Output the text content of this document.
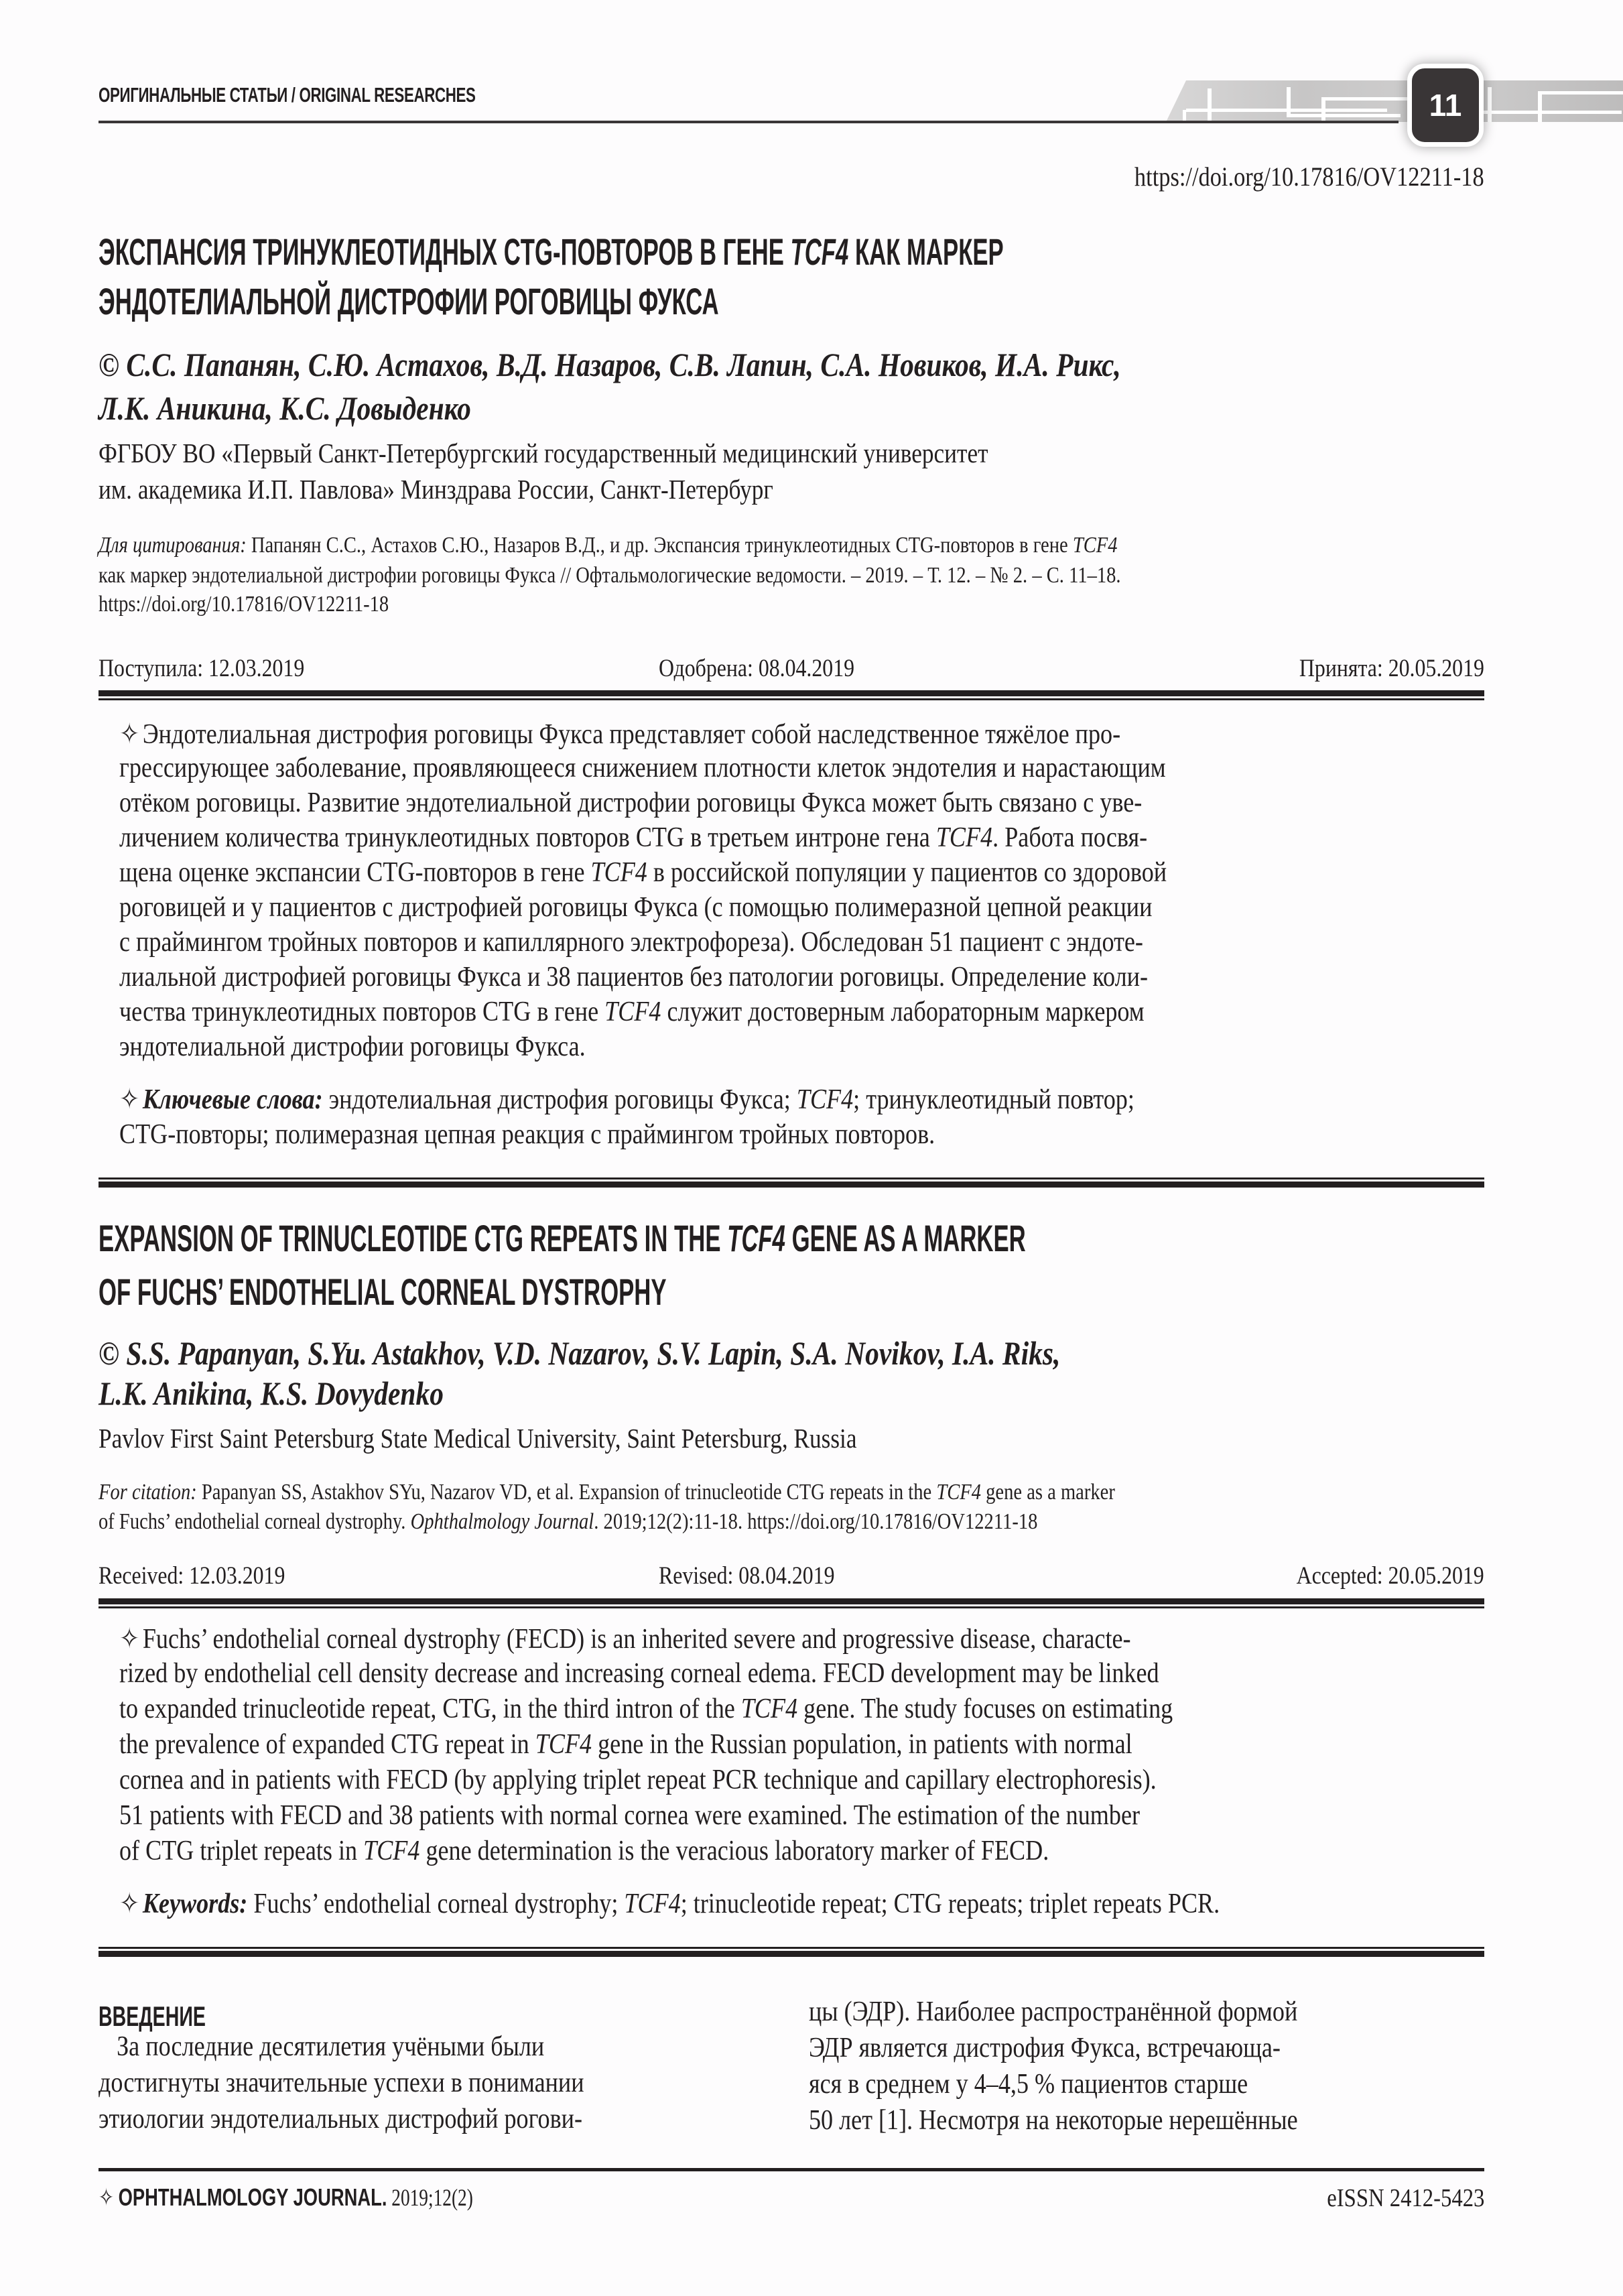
ОРИГИНАЛЬНЫЕ СТАТЬИ / ORIGINAL RESEARCHES	11
https://doi.org/10.17816/OV12211-18
ЭКСПАНСИЯ ТРИНУКЛЕОТИДНЫХ CTG-ПОВТОРОВ В ГЕНЕ TCF4 КАК МАРКЕР
ЭНДОТЕЛИАЛЬНОЙ ДИСТРОФИИ РОГОВИЦЫ ФУКСА
© С.С. Папанян, С.Ю. Астахов, В.Д. Назаров, С.В. Лапин, С.А. Новиков, И.А. Рикс,
Л.К. Аникина, К.С. Довыденко
ФГБОУ ВО «Первый Санкт-Петербургский государственный медицинский университет
им. академика И.П. Павлова» Минздрава России, Санкт-Петербург
Для цитирования: Папанян С.С., Астахов С.Ю., Назаров В.Д., и др. Экспансия тринуклеотидных CTG-повторов в гене TCF4
как маркер эндотелиальной дистрофии роговицы Фукса // Офтальмологические ведомости. – 2019. – Т. 12. – № 2. – С. 11–18.
https://doi.org/10.17816/OV12211-18
Поступила: 12.03.2019	Одобрена: 08.04.2019	Принята: 20.05.2019
✧ Эндотелиальная дистрофия роговицы Фукса представляет собой наследственное тяжёлое про-
грессирующее заболевание, проявляющееся снижением плотности клеток эндотелия и нарастающим
отёком роговицы. Развитие эндотелиальной дистрофии роговицы Фукса может быть связано с уве-
личением количества тринуклеотидных повторов CTG в третьем интроне гена TCF4. Работа посвя-
щена оценке экспансии CTG-повторов в гене TCF4 в российской популяции у пациентов со здоровой
роговицей и у пациентов с дистрофией роговицы Фукса (с помощью полимеразной цепной реакции
с праймингом тройных повторов и капиллярного электрофореза). Обследован 51 пациент с эндоте-
лиальной дистрофией роговицы Фукса и 38 пациентов без патологии роговицы. Определение коли-
чества тринуклеотидных повторов CTG в гене TCF4 служит достоверным лабораторным маркером
эндотелиальной дистрофии роговицы Фукса.
✧ Ключевые слова: эндотелиальная дистрофия роговицы Фукса; TCF4; тринуклеотидный повтор;
CTG-повторы; полимеразная цепная реакция с праймингом тройных повторов.
EXPANSION OF TRINUCLEOTIDE CTG REPEATS IN THE TCF4 GENE AS A MARKER
OF FUCHS’ ENDOTHELIAL CORNEAL DYSTROPHY
© S.S. Papanyan, S.Yu. Astakhov, V.D. Nazarov, S.V. Lapin, S.A. Novikov, I.A. Riks,
L.K. Anikina, K.S. Dovydenko
Pavlov First Saint Petersburg State Medical University, Saint Petersburg, Russia
For citation: Papanyan SS, Astakhov SYu, Nazarov VD, et al. Expansion of trinucleotide CTG repeats in the TCF4 gene as a marker
of Fuchs’ endothelial corneal dystrophy. Ophthalmology Journal. 2019;12(2):11-18. https://doi.org/10.17816/OV12211-18
Received: 12.03.2019	Revised: 08.04.2019	Accepted: 20.05.2019
✧ Fuchs’ endothelial corneal dystrophy (FECD) is an inherited severe and progressive disease, characte-
rized by endothelial cell density decrease and increasing corneal edema. FECD development may be linked
to expanded trinucleotide repeat, CTG, in the third intron of the TCF4 gene. The study focuses on estimating
the prevalence of expanded CTG repeat in TCF4 gene in the Russian population, in patients with normal
cornea and in patients with FECD (by applying triplet repeat PCR technique and capillary electrophoresis).
51 patients with FECD and 38 patients with normal cornea were examined. The estimation of the number
of CTG triplet repeats in TCF4 gene determination is the veracious laboratory marker of FECD.
✧ Keywords: Fuchs’ endothelial corneal dystrophy; TCF4; trinucleotide repeat; CTG repeats; triplet repeats PCR.
ВВЕДЕНИЕ
За последние десятилетия учёными были
достигнуты значительные успехи в понимании
этиологии эндотелиальных дистрофий рогови-
цы (ЭДР). Наиболее распространённой формой
ЭДР является дистрофия Фукса, встречающа-
яся в среднем у 4–4,5 % пациентов старше
50 лет [1]. Несмотря на некоторые нерешённые
✧ OPHTHALMOLOGY JOURNAL. 2019;12(2)	eISSN 2412-5423
